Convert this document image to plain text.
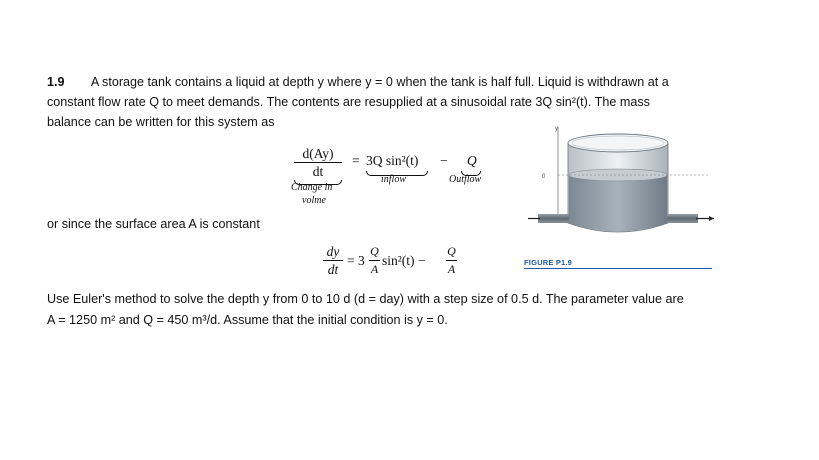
1.9 A storage tank contains a liquid at depth y where y = 0 when the tank is half full. Liquid is withdrawn at a
constant flow rate Q to meet demands. The contents are resupplied at a sinusoidal rate 3Q sin²(t). The mass
balance can be written for this system as
d(Ay)
dt
Change in
volme
= 3Q sin²(t)
inflow
− Q
Outflow
or since the surface area A is constant
dy
dt
= 3
Q
A
sin²(t) −
Q
A
y
0
FIGURE P1.9
Use Euler's method to solve the depth y from 0 to 10 d (d = day) with a step size of 0.5 d. The parameter value are
A = 1250 m² and Q = 450 m³/d. Assume that the initial condition is y = 0.
